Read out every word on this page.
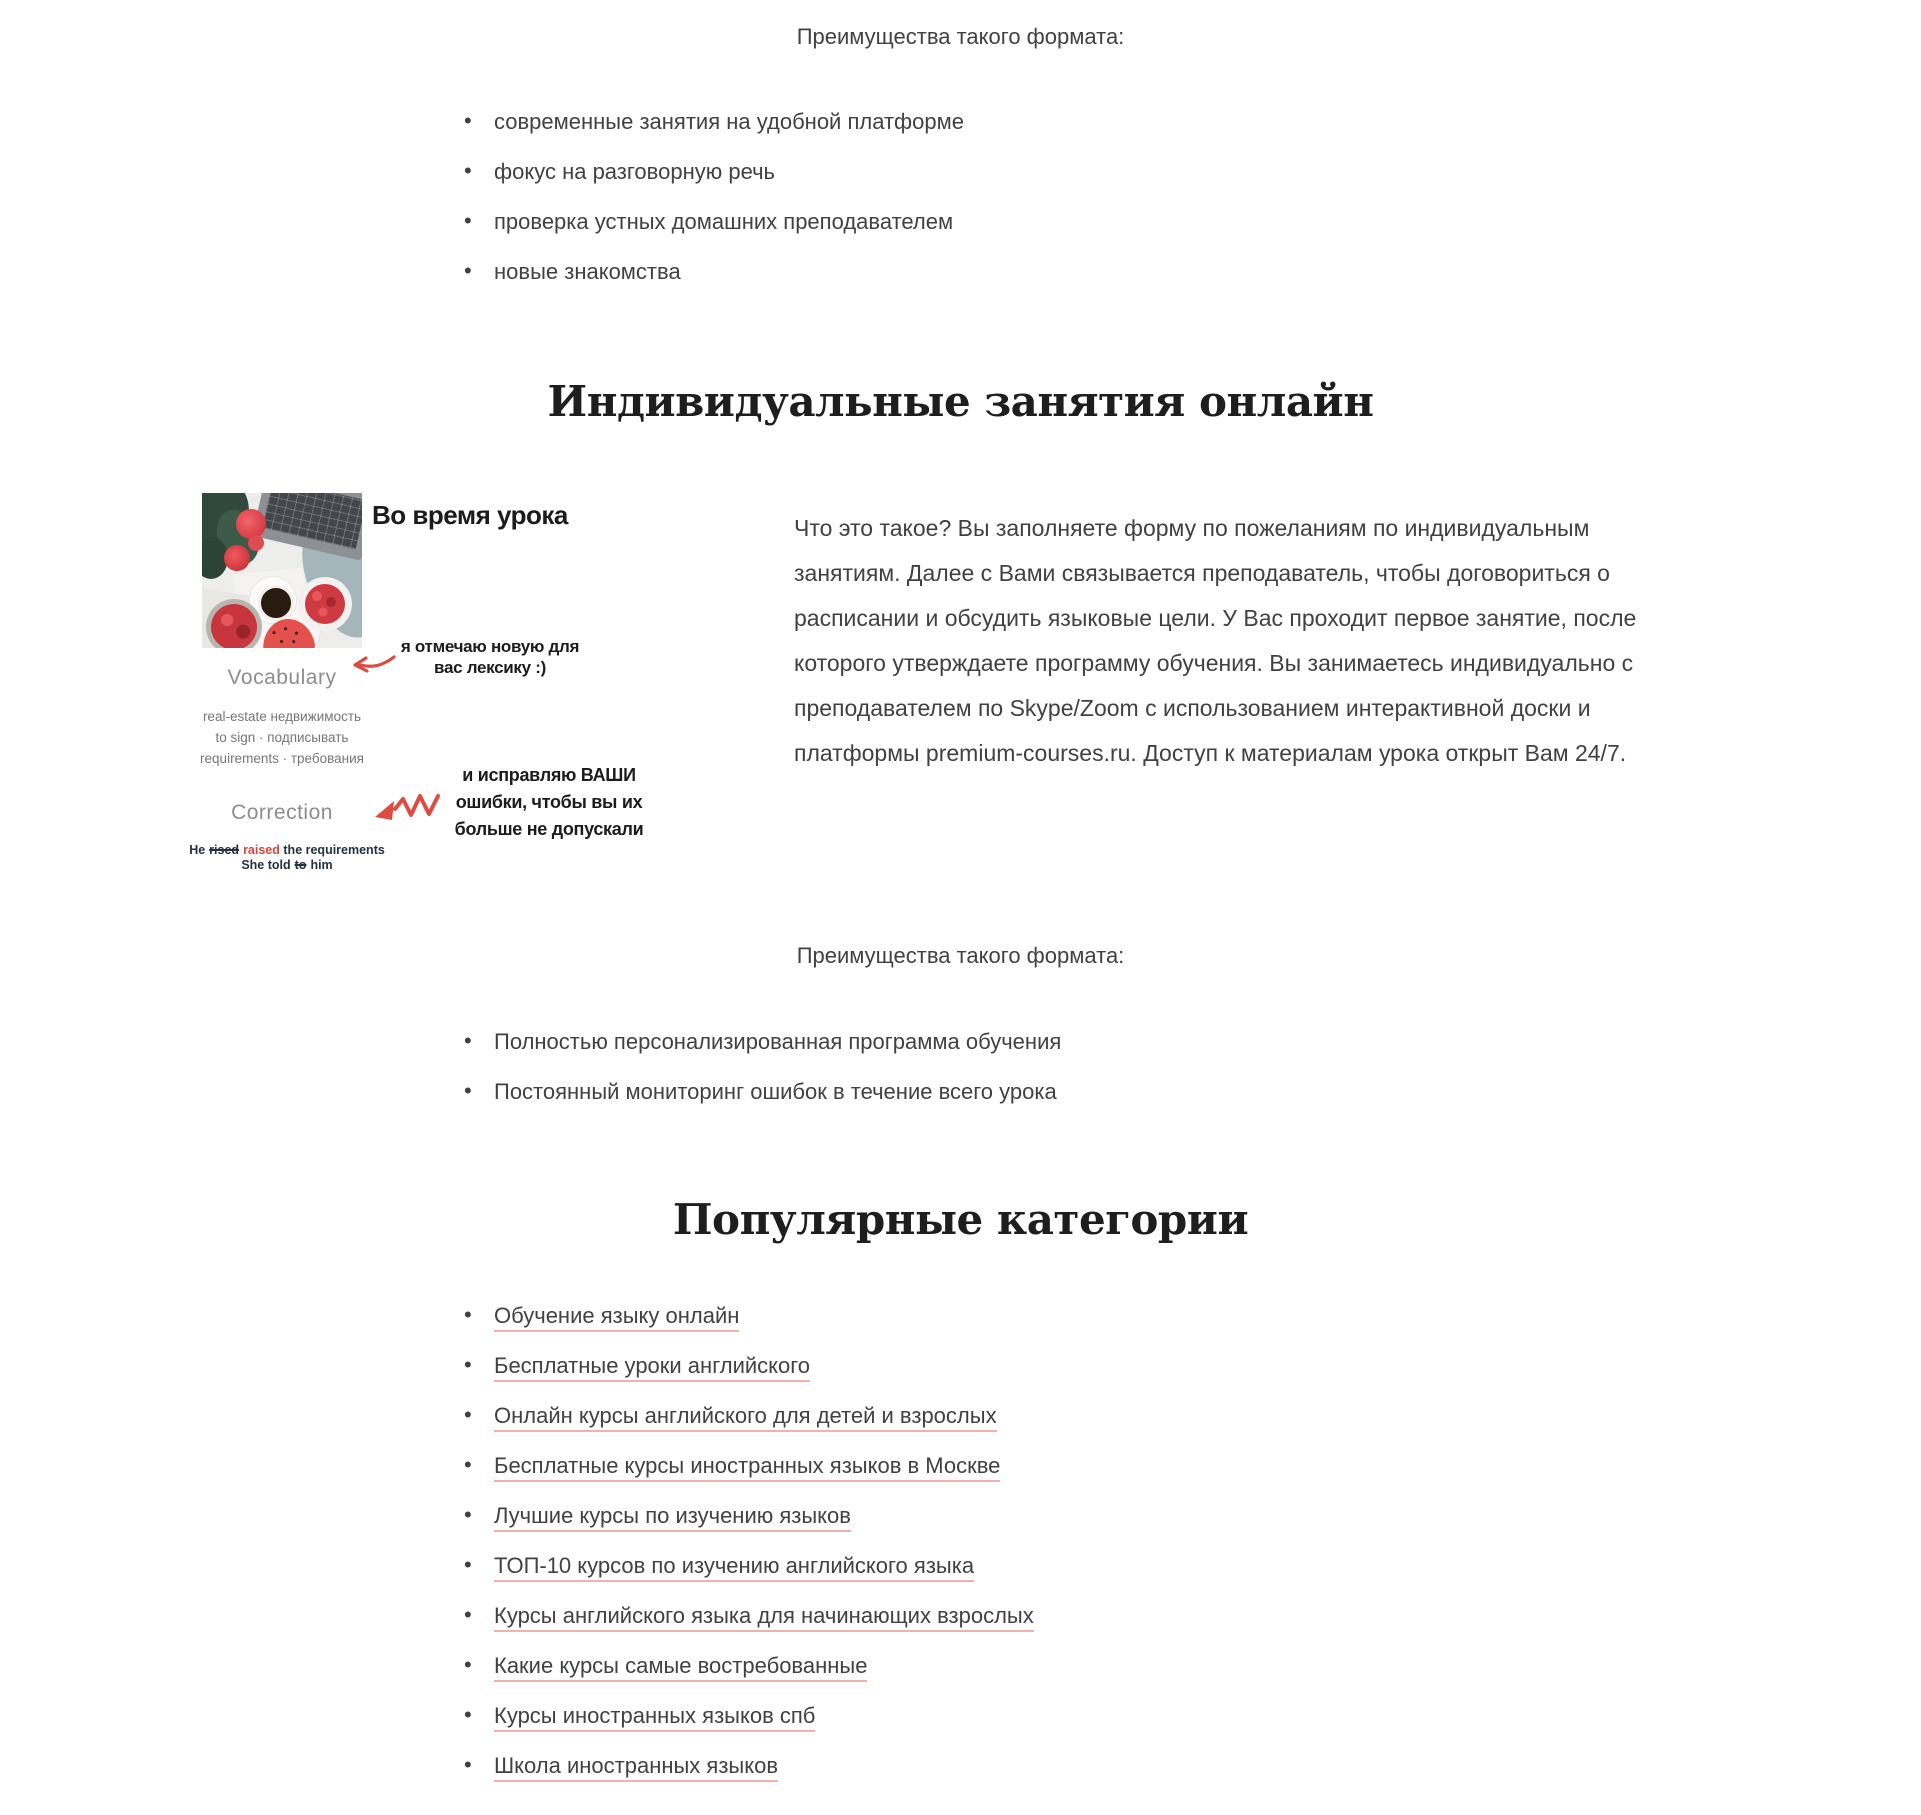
Преимущества такого формата:
• современные занятия на удобной платформе
• фокус на разговорную речь
• проверка устных домашних преподавателем
• новые знакомства
Индивидуальные занятия онлайн
Во время урока
я отмечаю новую для вас лексику :)
Vocabulary
real-estate недвижимость
to sign · подписывать
requirements · требования
Correction
He rised raised the requirements
She told to him
и исправляю ВАШИ ошибки, чтобы вы их больше не допускали
Что это такое? Вы заполняете форму по пожеланиям по индивидуальным занятиям. Далее с Вами связывается преподаватель, чтобы договориться о расписании и обсудить языковые цели. У Вас проходит первое занятие, после которого утверждаете программу обучения. Вы занимаетесь индивидуально с преподавателем по Skype/Zoom с использованием интерактивной доски и платформы premium-courses.ru. Доступ к материалам урока открыт Вам 24/7.
Преимущества такого формата:
• Полностью персонализированная программа обучения
• Постоянный мониторинг ошибок в течение всего урока
Популярные категории
• Обучение языку онлайн
• Бесплатные уроки английского
• Онлайн курсы английского для детей и взрослых
• Бесплатные курсы иностранных языков в Москве
• Лучшие курсы по изучению языков
• ТОП-10 курсов по изучению английского языка
• Курсы английского языка для начинающих взрослых
• Какие курсы самые востребованные
• Курсы иностранных языков спб
• Школа иностранных языков
